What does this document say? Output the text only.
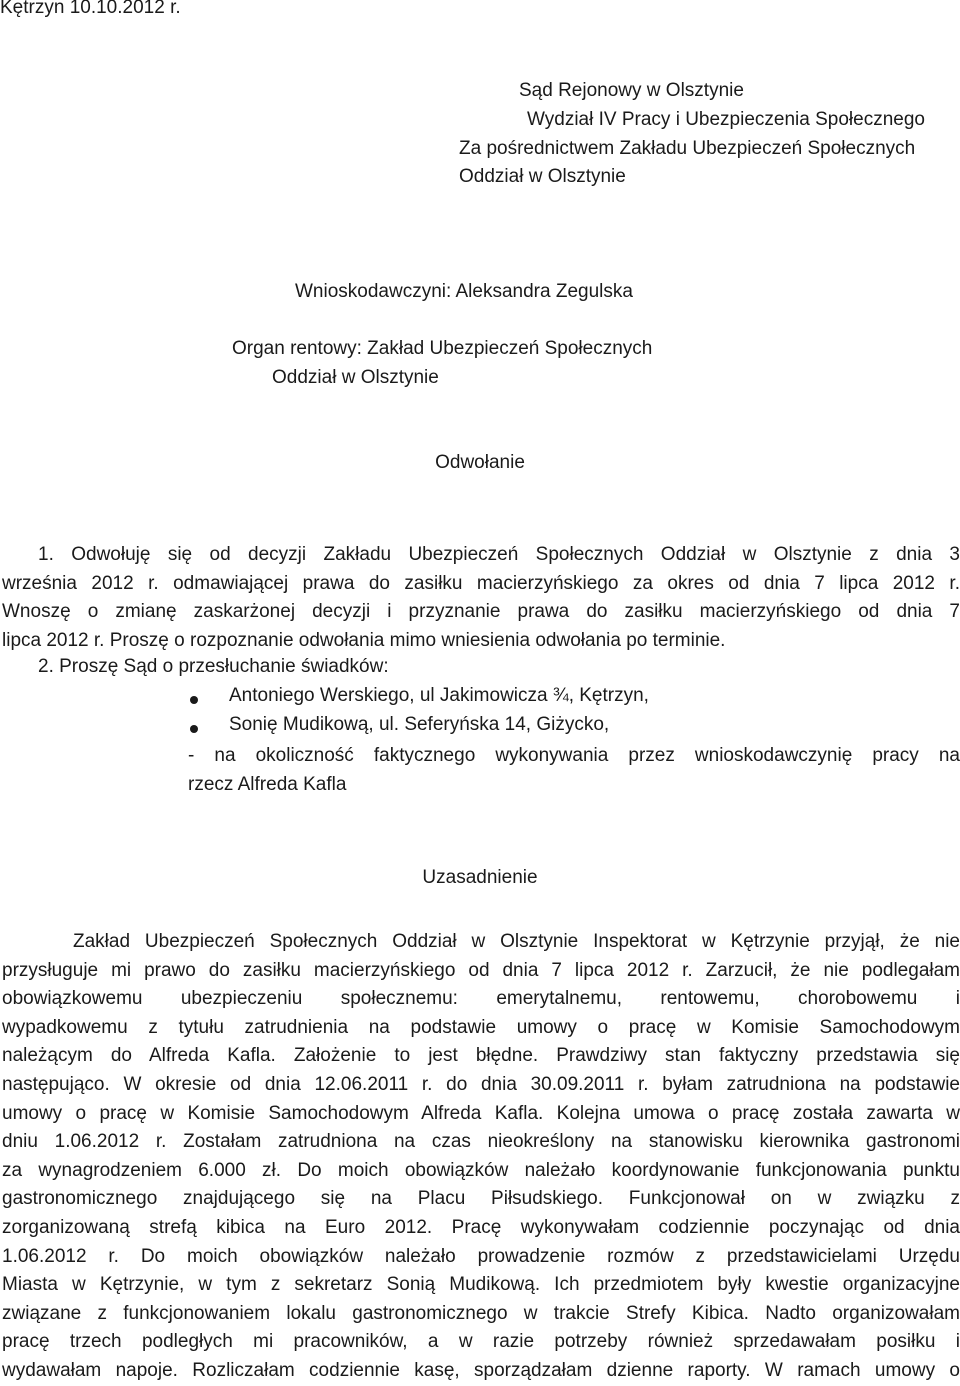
Kętrzyn 10.10.2012 r.
Sąd Rejonowy w Olsztynie
Wydział IV Pracy i Ubezpieczenia Społecznego
Za pośrednictwem Zakładu Ubezpieczeń Społecznych
Oddział w Olsztynie
Wnioskodawczyni: Aleksandra Zegulska
Organ rentowy: Zakład Ubezpieczeń Społecznych
Oddział w Olsztynie
Odwołanie
1. Odwołuję się od decyzji Zakładu Ubezpieczeń Społecznych Oddział w Olsztynie z dnia 3
września 2012 r. odmawiającej prawa do zasiłku macierzyńskiego za okres od dnia 7 lipca 2012 r.
Wnoszę o zmianę zaskarżonej decyzji i przyznanie prawa do zasiłku macierzyńskiego od dnia 7
lipca 2012 r. Proszę o rozpoznanie odwołania mimo wniesienia odwołania po terminie.
2. Proszę Sąd o przesłuchanie świadków:
Antoniego Werskiego, ul Jakimowicza ¾, Kętrzyn,
Sonię Mudikową, ul. Seferyńska 14, Giżycko,
- na okoliczność faktycznego wykonywania przez wnioskodawczynię pracy na
rzecz Alfreda Kafla
Uzasadnienie
Zakład Ubezpieczeń Społecznych Oddział w Olsztynie Inspektorat w Kętrzynie przyjął, że nie
przysługuje mi prawo do zasiłku macierzyńskiego od dnia 7 lipca 2012 r. Zarzucił, że nie podlegałam
obowiązkowemu ubezpieczeniu społecznemu: emerytalnemu, rentowemu, chorobowemu i
wypadkowemu z tytułu zatrudnienia na podstawie umowy o pracę w Komisie Samochodowym
należącym do Alfreda Kafla. Założenie to jest błędne. Prawdziwy stan faktyczny przedstawia się
następująco. W okresie od dnia 12.06.2011 r. do dnia 30.09.2011 r. byłam zatrudniona na podstawie
umowy o pracę w Komisie Samochodowym Alfreda Kafla. Kolejna umowa o pracę została zawarta w
dniu 1.06.2012 r. Zostałam zatrudniona na czas nieokreślony na stanowisku kierownika gastronomi
za wynagrodzeniem 6.000 zł. Do moich obowiązków należało koordynowanie funkcjonowania punktu
gastronomicznego znajdującego się na Placu Piłsudskiego. Funkcjonował on w związku z
zorganizowaną strefą kibica na Euro 2012. Pracę wykonywałam codziennie poczynając od dnia
1.06.2012 r. Do moich obowiązków należało prowadzenie rozmów z przedstawicielami Urzędu
Miasta w Kętrzynie, w tym z sekretarz Sonią Mudikową. Ich przedmiotem były kwestie organizacyjne
związane z funkcjonowaniem lokalu gastronomicznego w trakcie Strefy Kibica. Nadto organizowałam
pracę trzech podległych mi pracowników, a w razie potrzeby również sprzedawałam posiłku i
wydawałam napoje. Rozliczałam codziennie kasę, sporządzałam dzienne raporty. W ramach umowy o
